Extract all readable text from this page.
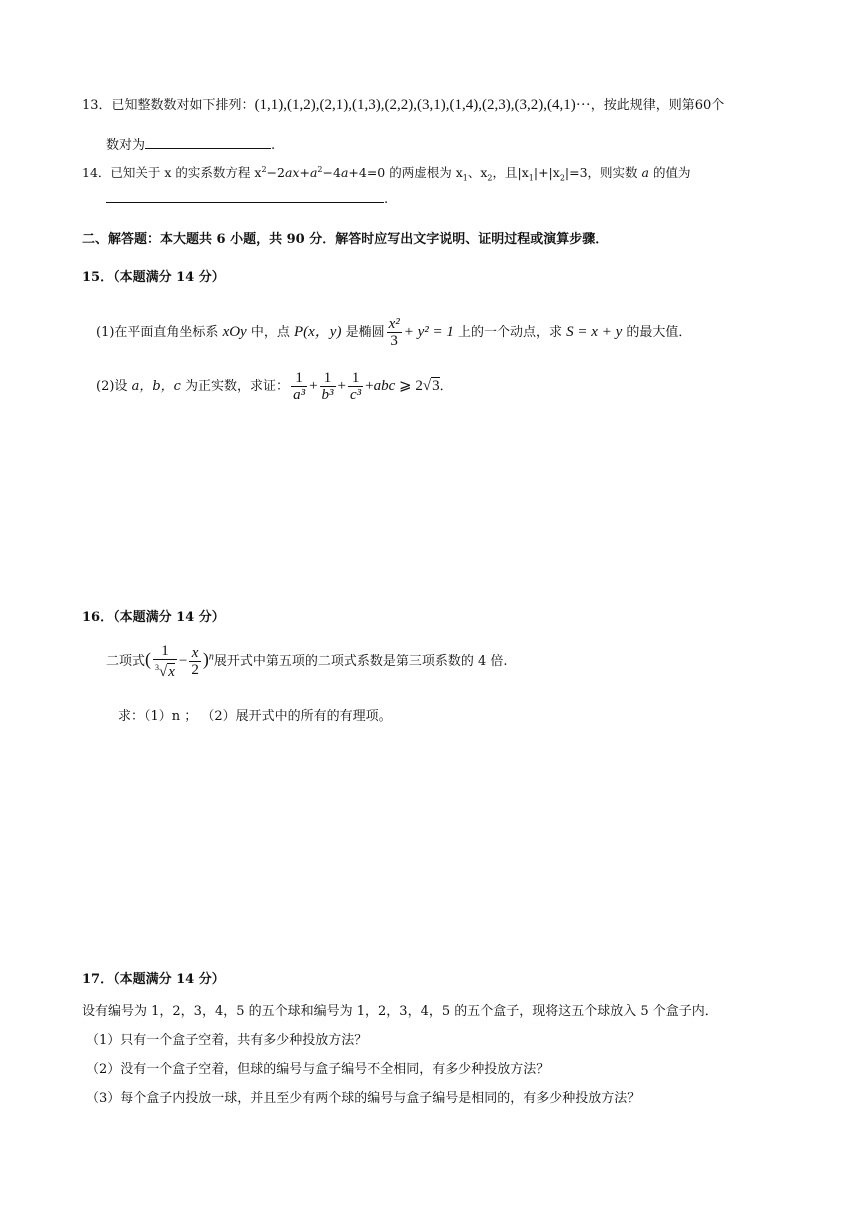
13．已知整数数对如下排列：(1,1),(1,2),(2,1),(1,3),(2,2),(3,1),(1,4),(2,3),(3,2),(4,1)···，按此规律，则第60个
数对为	.
14．已知关于 x 的实系数方程 $x^2-2ax+a^2-4a+4=0$ 的两虚根为 $x_1$、$x_2$，且$|x_1|+|x_2|=3$，则实数 a 的值为
.
二、解答题：本大题共 6 小题，共 90 分．解答时应写出文字说明、证明过程或演算步骤．
15．（本题满分 14 分）
(1)在平面直角坐标系 xOy 中，点 P(x，y) 是椭圆 $\frac{\text{x²}}{3} + y^2 = 1$ 上的一个动点，求 S = x + y 的最大值．
(2)设 a，b，c 为正实数，求证： $\frac{1}{\text{a³}} + \frac{1}{\text{b³}} + \frac{1}{\text{c³}} +abc$ ⩾ 2√3．
16．（本题满分 14 分）
二项式( $\frac{1}{^3√x} - \frac{x}{2} )^n$展开式中第五项的二项式系数是第三项系数的 4 倍.
求：（1）n ； （2）展开式中的所有的有理项。
17．（本题满分 14 分）
设有编号为 1，2，3，4，5 的五个球和编号为 1，2，3，4，5 的五个盒子，现将这五个球放入 5 个盒子内．
（1）只有一个盒子空着，共有多少种投放方法？
（2）没有一个盒子空着，但球的编号与盒子编号不全相同，有多少种投放方法？
（3）每个盒子内投放一球，并且至少有两个球的编号与盒子编号是相同的，有多少种投放方法？
